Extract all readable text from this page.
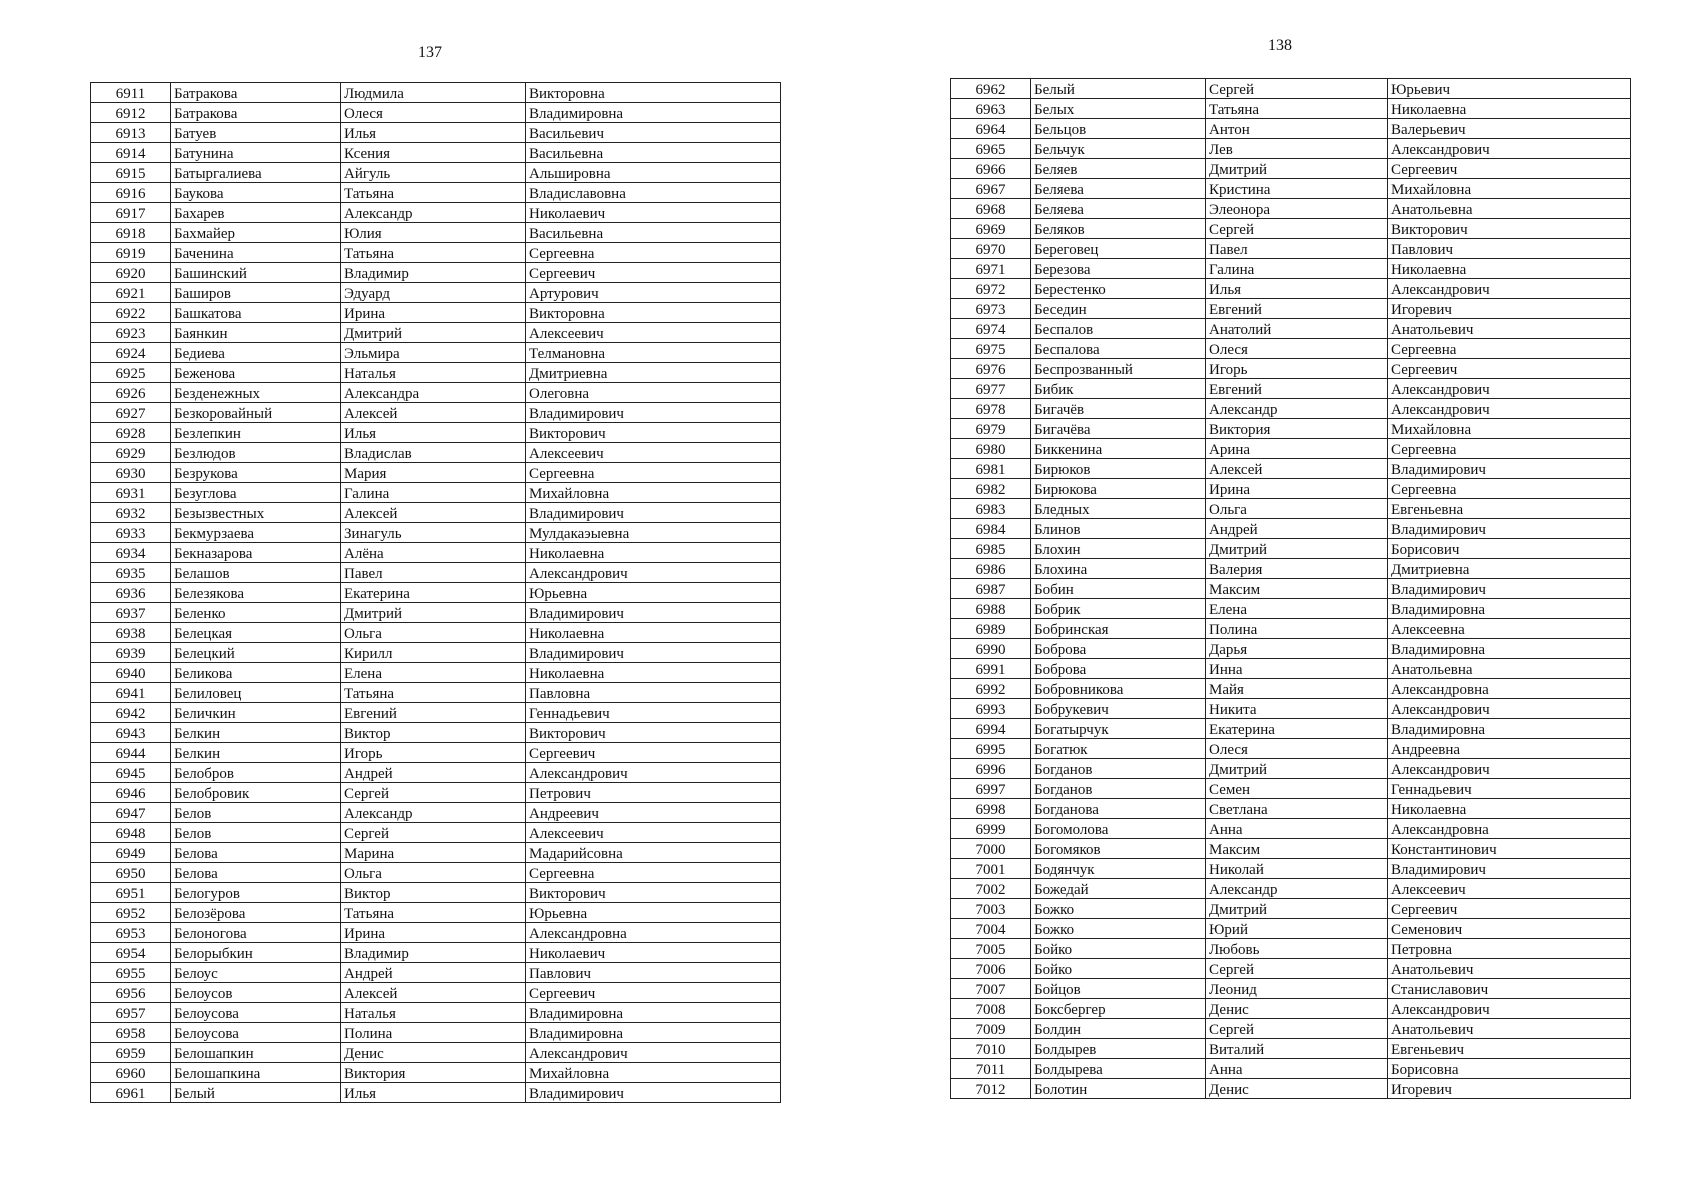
137
6911	Батракова	Людмила	Викторовна
6912	Батракова	Олеся	Владимировна
6913	Батуев	Илья	Васильевич
6914	Батунина	Ксения	Васильевна
6915	Батыргалиева	Айгуль	Альшировна
6916	Баукова	Татьяна	Владиславовна
6917	Бахарев	Александр	Николаевич
6918	Бахмайер	Юлия	Васильевна
6919	Баченина	Татьяна	Сергеевна
6920	Башинский	Владимир	Сергеевич
6921	Баширов	Эдуард	Артурович
6922	Башкатова	Ирина	Викторовна
6923	Баянкин	Дмитрий	Алексеевич
6924	Бедиева	Эльмира	Телмановна
6925	Беженова	Наталья	Дмитриевна
6926	Безденежных	Александра	Олеговна
6927	Безкоровайный	Алексей	Владимирович
6928	Безлепкин	Илья	Викторович
6929	Безлюдов	Владислав	Алексеевич
6930	Безрукова	Мария	Сергеевна
6931	Безуглова	Галина	Михайловна
6932	Безызвестных	Алексей	Владимирович
6933	Бекмурзаева	Зинагуль	Мулдакаэыевна
6934	Бекназарова	Алёна	Николаевна
6935	Белашов	Павел	Александрович
6936	Белезякова	Екатерина	Юрьевна
6937	Беленко	Дмитрий	Владимирович
6938	Белецкая	Ольга	Николаевна
6939	Белецкий	Кирилл	Владимирович
6940	Беликова	Елена	Николаевна
6941	Белиловец	Татьяна	Павловна
6942	Беличкин	Евгений	Геннадьевич
6943	Белкин	Виктор	Викторович
6944	Белкин	Игорь	Сергеевич
6945	Белобров	Андрей	Александрович
6946	Белобровик	Сергей	Петрович
6947	Белов	Александр	Андреевич
6948	Белов	Сергей	Алексеевич
6949	Белова	Марина	Мадарийсовна
6950	Белова	Ольга	Сергеевна
6951	Белогуров	Виктор	Викторович
6952	Белозёрова	Татьяна	Юрьевна
6953	Белоногова	Ирина	Александровна
6954	Белорыбкин	Владимир	Николаевич
6955	Белоус	Андрей	Павлович
6956	Белоусов	Алексей	Сергеевич
6957	Белоусова	Наталья	Владимировна
6958	Белоусова	Полина	Владимировна
6959	Белошапкин	Денис	Александрович
6960	Белошапкина	Виктория	Михайловна
6961	Белый	Илья	Владимирович
138
6962	Белый	Сергей	Юрьевич
6963	Белых	Татьяна	Николаевна
6964	Бельцов	Антон	Валерьевич
6965	Бельчук	Лев	Александрович
6966	Беляев	Дмитрий	Сергеевич
6967	Беляева	Кристина	Михайловна
6968	Беляева	Элеонора	Анатольевна
6969	Беляков	Сергей	Викторович
6970	Береговец	Павел	Павлович
6971	Березова	Галина	Николаевна
6972	Берестенко	Илья	Александрович
6973	Беседин	Евгений	Игоревич
6974	Беспалов	Анатолий	Анатольевич
6975	Беспалова	Олеся	Сергеевна
6976	Беспрозванный	Игорь	Сергеевич
6977	Бибик	Евгений	Александрович
6978	Бигачёв	Александр	Александрович
6979	Бигачёва	Виктория	Михайловна
6980	Биккенина	Арина	Сергеевна
6981	Бирюков	Алексей	Владимирович
6982	Бирюкова	Ирина	Сергеевна
6983	Бледных	Ольга	Евгеньевна
6984	Блинов	Андрей	Владимирович
6985	Блохин	Дмитрий	Борисович
6986	Блохина	Валерия	Дмитриевна
6987	Бобин	Максим	Владимирович
6988	Бобрик	Елена	Владимировна
6989	Бобринская	Полина	Алексеевна
6990	Боброва	Дарья	Владимировна
6991	Боброва	Инна	Анатольевна
6992	Бобровникова	Майя	Александровна
6993	Бобрукевич	Никита	Александрович
6994	Богатырчук	Екатерина	Владимировна
6995	Богатюк	Олеся	Андреевна
6996	Богданов	Дмитрий	Александрович
6997	Богданов	Семен	Геннадьевич
6998	Богданова	Светлана	Николаевна
6999	Богомолова	Анна	Александровна
7000	Богомяков	Максим	Константинович
7001	Бодянчук	Николай	Владимирович
7002	Божедай	Александр	Алексеевич
7003	Божко	Дмитрий	Сергеевич
7004	Божко	Юрий	Семенович
7005	Бойко	Любовь	Петровна
7006	Бойко	Сергей	Анатольевич
7007	Бойцов	Леонид	Станиславович
7008	Боксбергер	Денис	Александрович
7009	Болдин	Сергей	Анатольевич
7010	Болдырев	Виталий	Евгеньевич
7011	Болдырева	Анна	Борисовна
7012	Болотин	Денис	Игоревич
